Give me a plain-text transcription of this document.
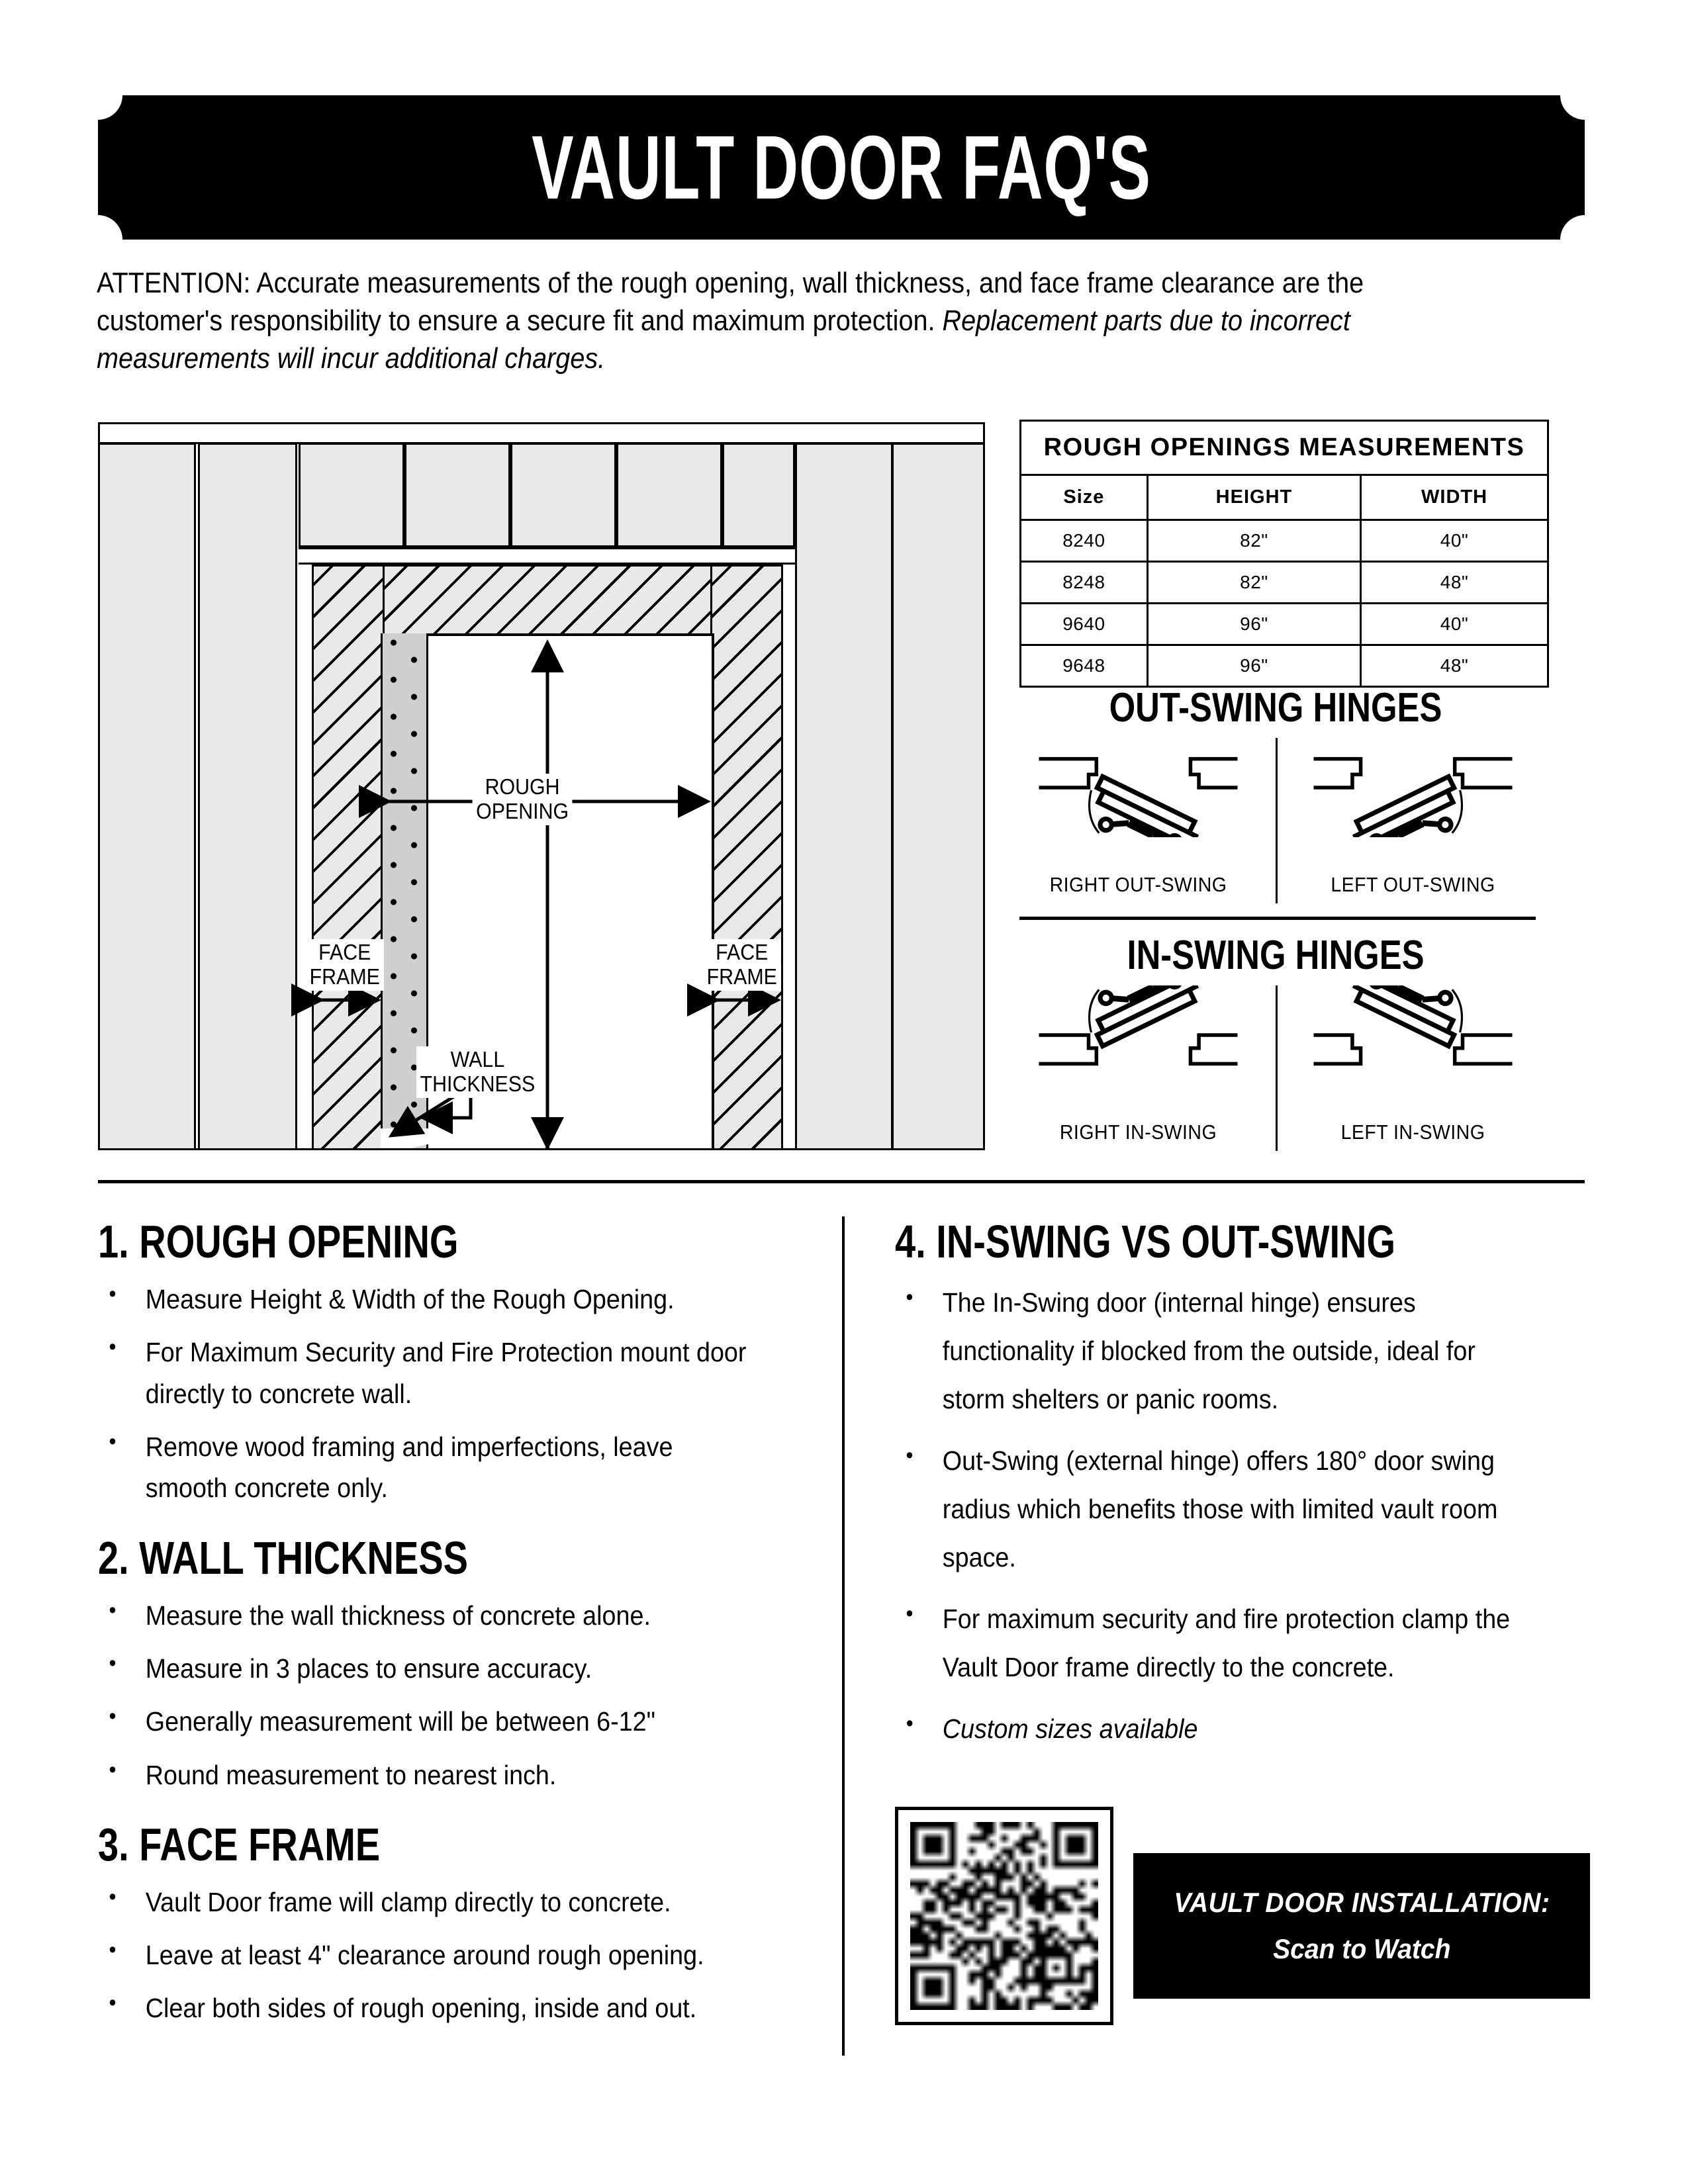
VAULT DOOR FAQ'S
ATTENTION: Accurate measurements of the rough opening, wall thickness, and face frame clearance are the customer's responsibility to ensure a secure fit and maximum protection. Replacement parts due to incorrect measurements will incur additional charges.
ROUGH
OPENING
FACE
FRAME
FACE
FRAME
WALL
THICKNESS
ROUGH OPENINGS MEASUREMENTS		
Size	HEIGHT	WIDTH
8240	82"	40"
8248	82"	48"
9640	96"	40"
9648	96"	48"
OUT-SWING HINGES
RIGHT OUT-SWING	LEFT OUT-SWING
IN-SWING HINGES
RIGHT IN-SWING	LEFT IN-SWING
1. ROUGH OPENING
• Measure Height & Width of the Rough Opening.
• For Maximum Security and Fire Protection mount door directly to concrete wall.
• Remove wood framing and imperfections, leave smooth concrete only.
2. WALL THICKNESS
• Measure the wall thickness of concrete alone.
• Measure in 3 places to ensure accuracy.
• Generally measurement will be between 6-12"
• Round measurement to nearest inch.
3. FACE FRAME
• Vault Door frame will clamp directly to concrete.
• Leave at least 4" clearance around rough opening.
• Clear both sides of rough opening, inside and out.
4. IN-SWING VS OUT-SWING
• The In-Swing door (internal hinge) ensures functionality if blocked from the outside, ideal for storm shelters or panic rooms.
• Out-Swing (external hinge) offers 180° door swing radius which benefits those with limited vault room space.
• For maximum security and fire protection clamp the Vault Door frame directly to the concrete.
• Custom sizes available
VAULT DOOR INSTALLATION:
Scan to Watch
